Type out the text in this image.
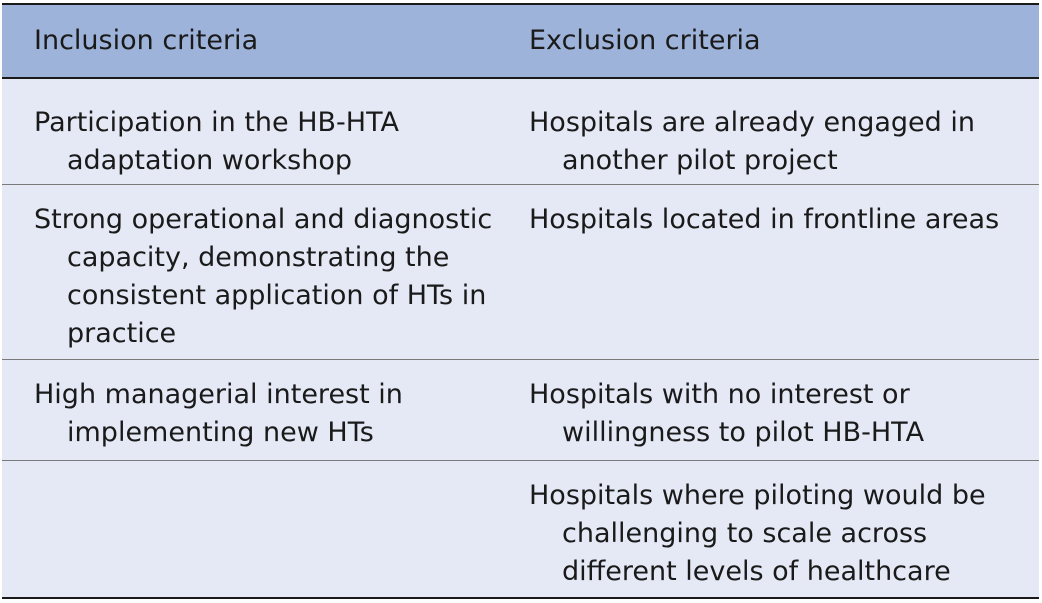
Inclusion criteria	Exclusion criteria

Participation in the HB-HTA adaptation workshop	Hospitals are already engaged in another pilot project

Strong operational and diagnostic capacity, demonstrating the consistent application of HTs in practice	Hospitals located in frontline areas

High managerial interest in implementing new HTs	Hospitals with no interest or willingness to pilot HB-HTA

	Hospitals where piloting would be challenging to scale across different levels of healthcare
